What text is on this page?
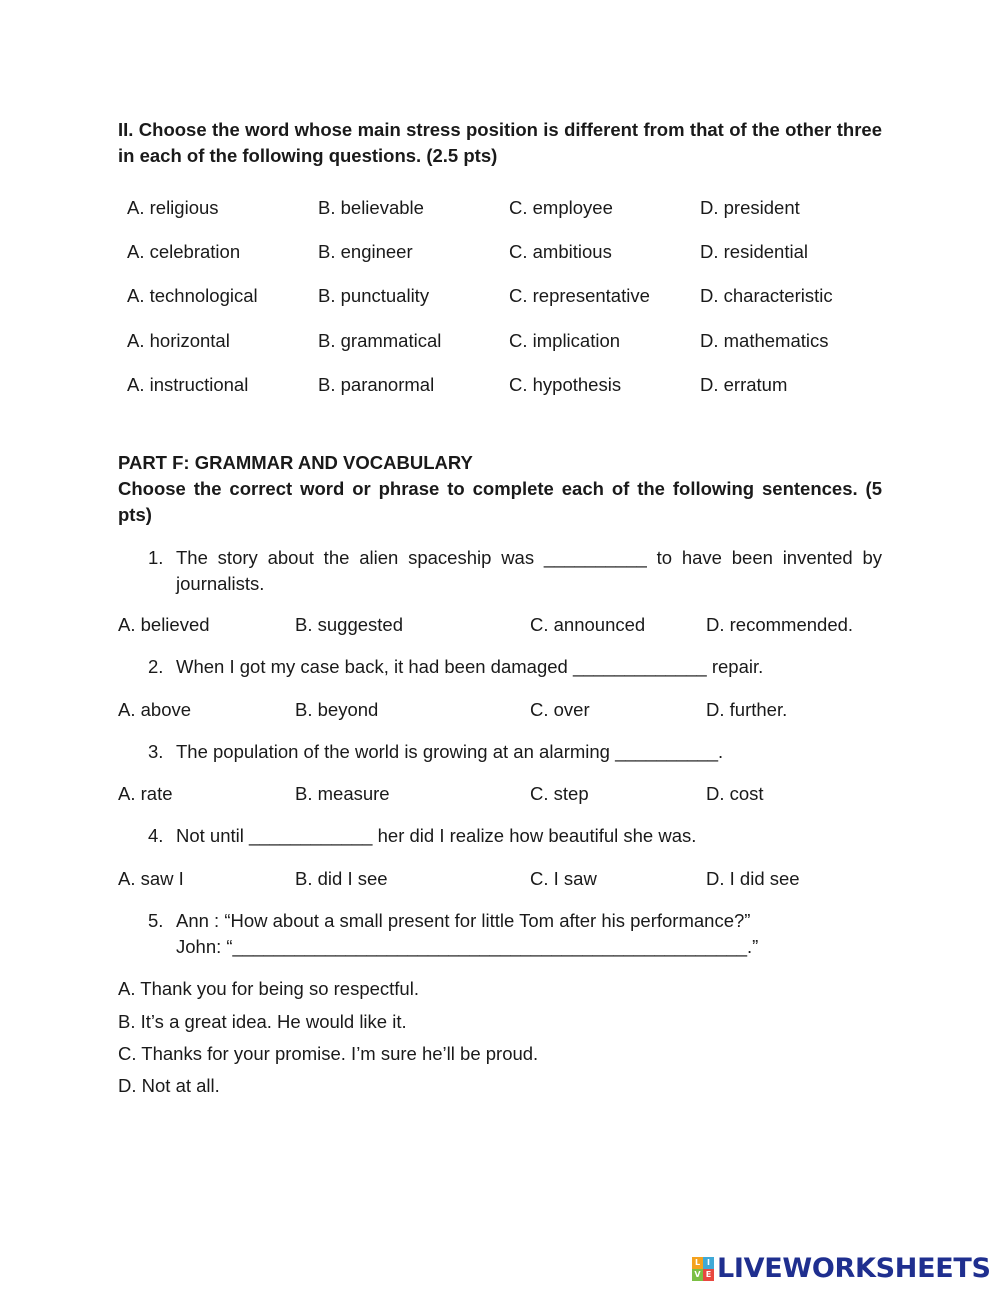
II. Choose the word whose main stress position is different from that of the other three in each of the following questions. (2.5 pts)
A. religious	B. believable	C. employee	D. president
A. celebration	B. engineer	C. ambitious	D. residential
A. technological	B. punctuality	C. representative	D. characteristic
A. horizontal	B. grammatical	C. implication	D. mathematics
A. instructional	B. paranormal	C. hypothesis	D. erratum
PART F: GRAMMAR AND VOCABULARY
Choose the correct word or phrase to complete each of the following sentences. (5 pts)
1. The story about the alien spaceship was __________ to have been invented by journalists.
A. believed	B. suggested	C. announced	D. recommended.
2. When I got my case back, it had been damaged _____________ repair.
A. above	B. beyond	C. over	D. further.
3. The population of the world is growing at an alarming __________.
A. rate	B. measure	C. step	D. cost
4. Not until ____________ her did I realize how beautiful she was.
A. saw I	B. did I see	C. I saw	D. I did see
5. Ann : “How about a small present for little Tom after his performance?”
John: “__________________________________________________.”
A. Thank you for being so respectful.
B. It’s a great idea. He would like it.
C. Thanks for your promise. I’m sure he’ll be proud.
D. Not at all.
L I
V E LIVEWORKSHEETS
